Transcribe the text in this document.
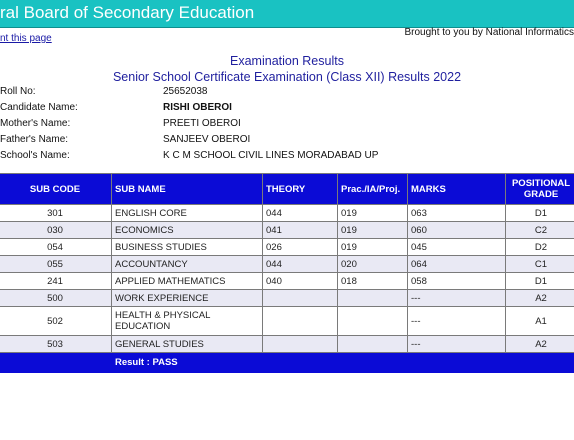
ral Board of Secondary Education
nt this page
Brought to you by National Informatics
Examination Results
Senior School Certificate Examination (Class XII) Results 2022
Roll No:	25652038
Candidate Name:	RISHI OBEROI
Mother's Name:	PREETI OBEROI
Father's Name:	SANJEEV OBEROI
School's Name:	K C M SCHOOL CIVIL LINES MORADABAD UP
SUB CODE	SUB NAME	THEORY	Prac./IA/Proj.	MARKS	POSITIONAL GRADE
301	ENGLISH CORE	044	019	063	D1
030	ECONOMICS	041	019	060	C2
054	BUSINESS STUDIES	026	019	045	D2
055	ACCOUNTANCY	044	020	064	C1
241	APPLIED MATHEMATICS	040	018	058	D1
500	WORK EXPERIENCE			---	A2
502	HEALTH & PHYSICAL EDUCATION			---	A1
503	GENERAL STUDIES			---	A2
	Result : PASS				
